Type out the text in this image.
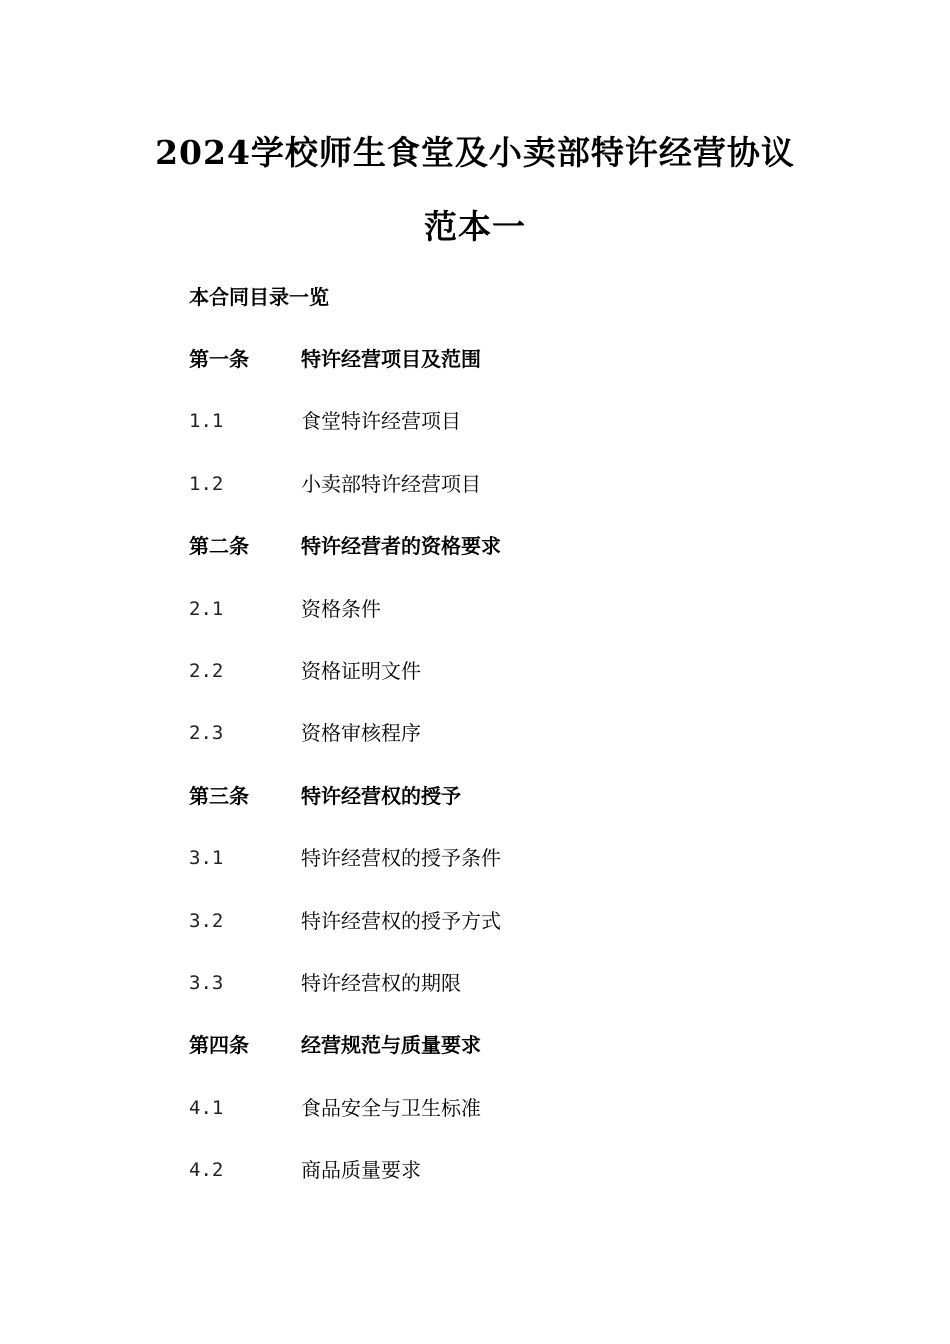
2024学校师生食堂及小卖部特许经营协议
范本一
本合同目录一览
第一条	特许经营项目及范围
1.1	食堂特许经营项目
1.2	小卖部特许经营项目
第二条	特许经营者的资格要求
2.1	资格条件
2.2	资格证明文件
2.3	资格审核程序
第三条	特许经营权的授予
3.1	特许经营权的授予条件
3.2	特许经营权的授予方式
3.3	特许经营权的期限
第四条	经营规范与质量要求
4.1	食品安全与卫生标准
4.2	商品质量要求
